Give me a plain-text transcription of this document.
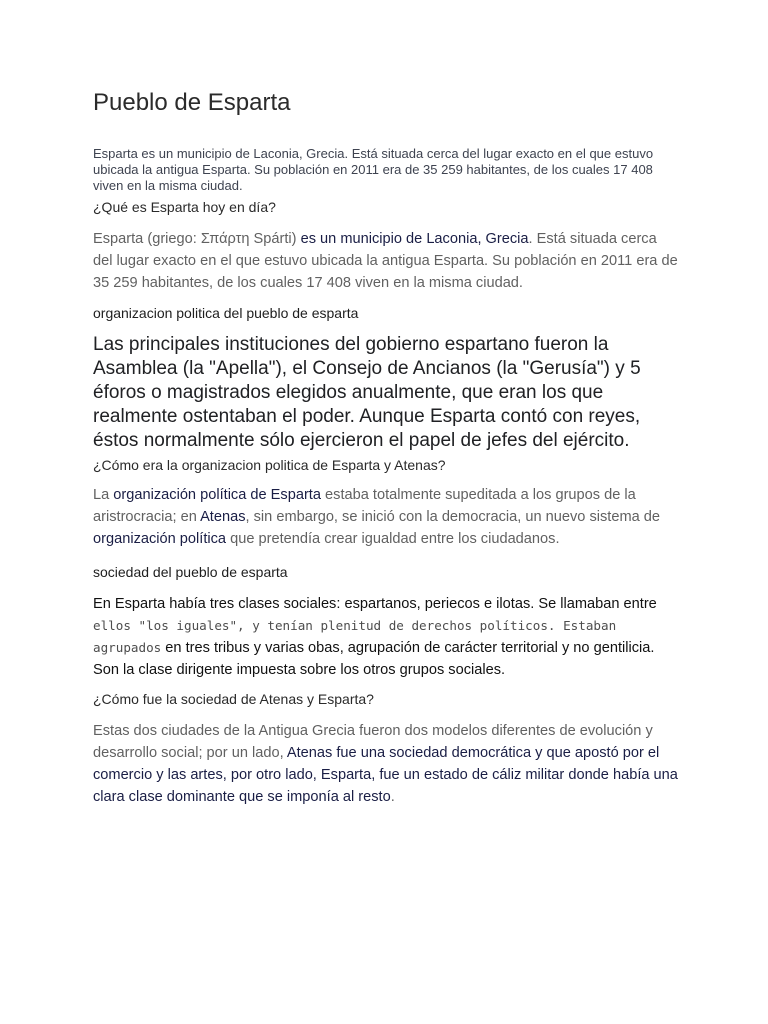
Pueblo de Esparta

Esparta es un municipio de Laconia, Grecia. Está situada cerca del lugar exacto en el que estuvo ubicada la antigua Esparta. Su población en 2011 era de 35 259 habitantes, de los cuales 17 408 viven en la misma ciudad.

¿Qué es Esparta hoy en día?

Esparta (griego: Σπάρτη Spárti) es un municipio de Laconia, Grecia. Está situada cerca del lugar exacto en el que estuvo ubicada la antigua Esparta. Su población en 2011 era de 35 259 habitantes, de los cuales 17 408 viven en la misma ciudad.

organizacion politica del pueblo de esparta

Las principales instituciones del gobierno espartano fueron la Asamblea (la "Apella"), el Consejo de Ancianos (la "Gerusía") y 5 éforos o magistrados elegidos anualmente, que eran los que realmente ostentaban el poder. Aunque Esparta contó con reyes, éstos normalmente sólo ejercieron el papel de jefes del ejército.

¿Cómo era la organizacion politica de Esparta y Atenas?

La organización política de Esparta estaba totalmente supeditada a los grupos de la aristrocracia; en Atenas, sin embargo, se inició con la democracia, un nuevo sistema de organización política que pretendía crear igualdad entre los ciudadanos.

sociedad del pueblo de esparta

En Esparta había tres clases sociales: espartanos, periecos e ilotas. Se llamaban entre ellos "los iguales", y tenían plenitud de derechos políticos. Estaban agrupados en tres tribus y varias obas, agrupación de carácter territorial y no gentilicia. Son la clase dirigente impuesta sobre los otros grupos sociales.

¿Cómo fue la sociedad de Atenas y Esparta?

Estas dos ciudades de la Antigua Grecia fueron dos modelos diferentes de evolución y desarrollo social; por un lado, Atenas fue una sociedad democrática y que apostó por el comercio y las artes, por otro lado, Esparta, fue un estado de cáliz militar donde había una clara clase dominante que se imponía al resto.
